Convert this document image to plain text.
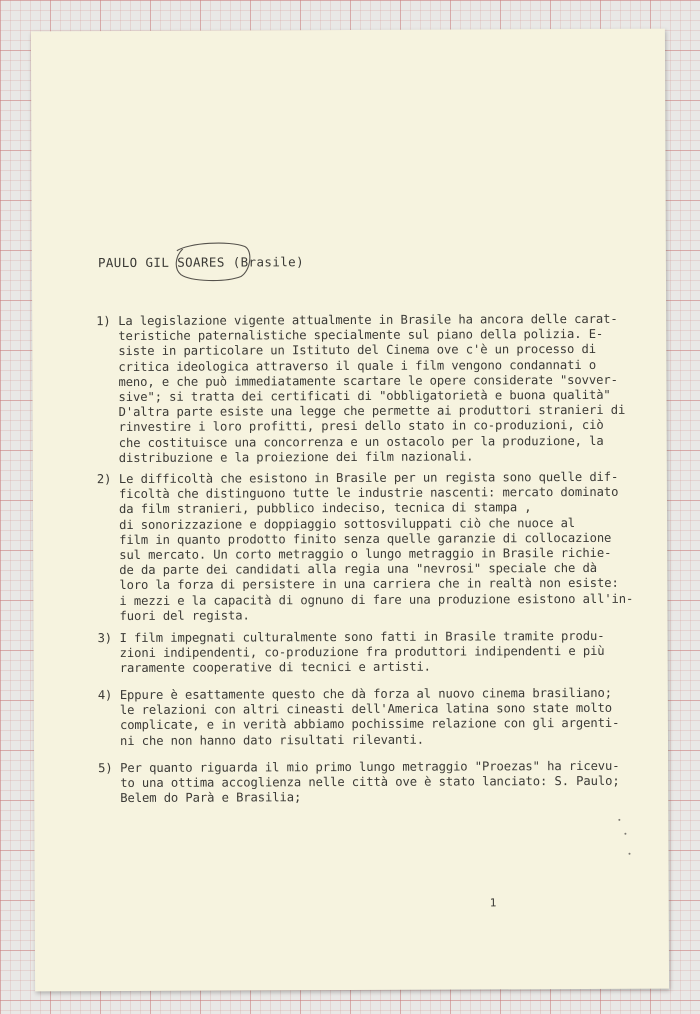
PAULO GIL
SOARES (Brasile)
1) La legislazione vigente attualmente in Brasile ha ancora delle carat-
teristiche paternalistiche specialmente sul piano della polizia. E-
siste in particolare un Istituto del Cinema ove c'è un processo di
critica ideologica attraverso il quale i film vengono condannati o
meno, e che può immediatamente scartare le opere considerate "sovver-
sive"; si tratta dei certificati di "obbligatorietà e buona qualità"
D'altra parte esiste una legge che permette ai produttori stranieri di
rinvestire i loro profitti, presi dello stato in co-produzioni, ciò
che costituisce una concorrenza e un ostacolo per la produzione, la
distribuzione e la proiezione dei film nazionali.
2) Le difficoltà che esistono in Brasile per un regista sono quelle dif-
ficoltà che distinguono tutte le industrie nascenti: mercato dominato
da film stranieri, pubblico indeciso, tecnica di stampa ,
di sonorizzazione e doppiaggio sottosviluppati ciò che nuoce al
film in quanto prodotto finito senza quelle garanzie di collocazione
sul mercato. Un corto metraggio o lungo metraggio in Brasile richie-
de da parte dei candidati alla regia una "nevrosi" speciale che dà
loro la forza di persistere in una carriera che in realtà non esiste:
i mezzi e la capacità di ognuno di fare una produzione esistono all'in-
fuori del regista.
3) I film impegnati culturalmente sono fatti in Brasile tramite produ-
zioni indipendenti, co-produzione fra produttori indipendenti e più
raramente cooperative di tecnici e artisti.
4) Eppure è esattamente questo che dà forza al nuovo cinema brasiliano;
le relazioni con altri cineasti dell'America latina sono state molto
complicate, e in verità abbiamo pochissime relazione con gli argenti-
ni che non hanno dato risultati rilevanti.
5) Per quanto riguarda il mio primo lungo metraggio "Proezas" ha ricevu-
to una ottima accoglienza nelle città ove è stato lanciato: S. Paulo;
Belem do Parà e Brasilia;
1
